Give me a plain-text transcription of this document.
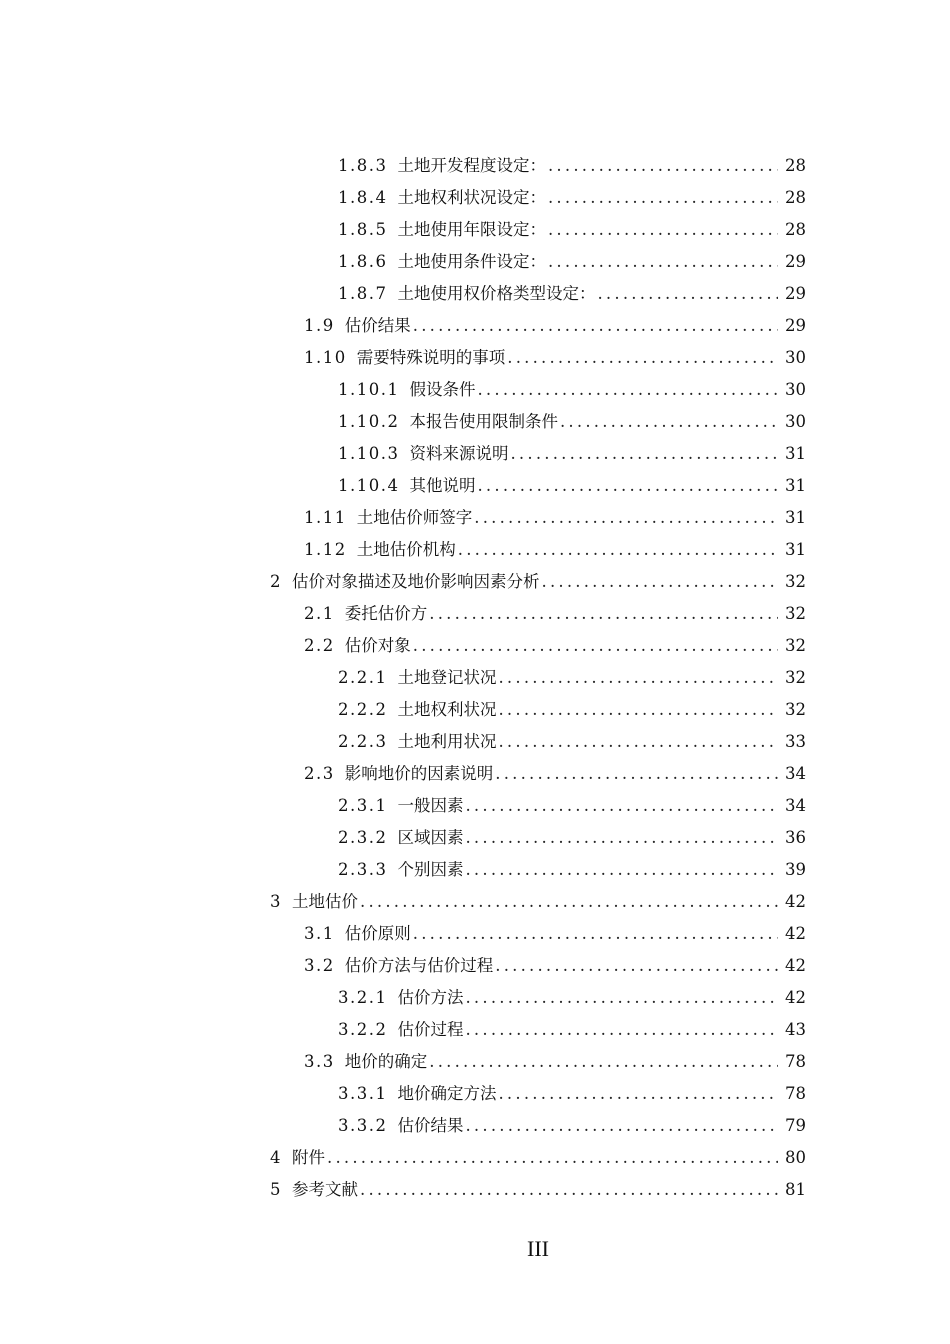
1.8.3 土地开发程度设定： .....	28
1.8.4 土地权利状况设定： .....	28
1.8.5 土地使用年限设定： .....	28
1.8.6 土地使用条件设定： .....	29
1.8.7 土地使用权价格类型设定： .....	29
1.9 估价结果 .....	29
1.10 需要特殊说明的事项 .....	30
1.10.1 假设条件 .....	30
1.10.2 本报告使用限制条件 .....	30
1.10.3 资料来源说明 .....	31
1.10.4 其他说明 .....	31
1.11 土地估价师签字 .....	31
1.12 土地估价机构 .....	31
2 估价对象描述及地价影响因素分析 .....	32
2.1 委托估价方 .....	32
2.2 估价对象 .....	32
2.2.1 土地登记状况 .....	32
2.2.2 土地权利状况 .....	32
2.2.3 土地利用状况 .....	33
2.3 影响地价的因素说明 .....	34
2.3.1 一般因素 .....	34
2.3.2 区域因素 .....	36
2.3.3 个别因素 .....	39
3 土地估价 .....	42
3.1 估价原则 .....	42
3.2 估价方法与估价过程 .....	42
3.2.1 估价方法 .....	42
3.2.2 估价过程 .....	43
3.3 地价的确定 .....	78
3.3.1 地价确定方法 .....	78
3.3.2 估价结果 .....	79
4 附件 .....	80
5 参考文献 .....	81
III
